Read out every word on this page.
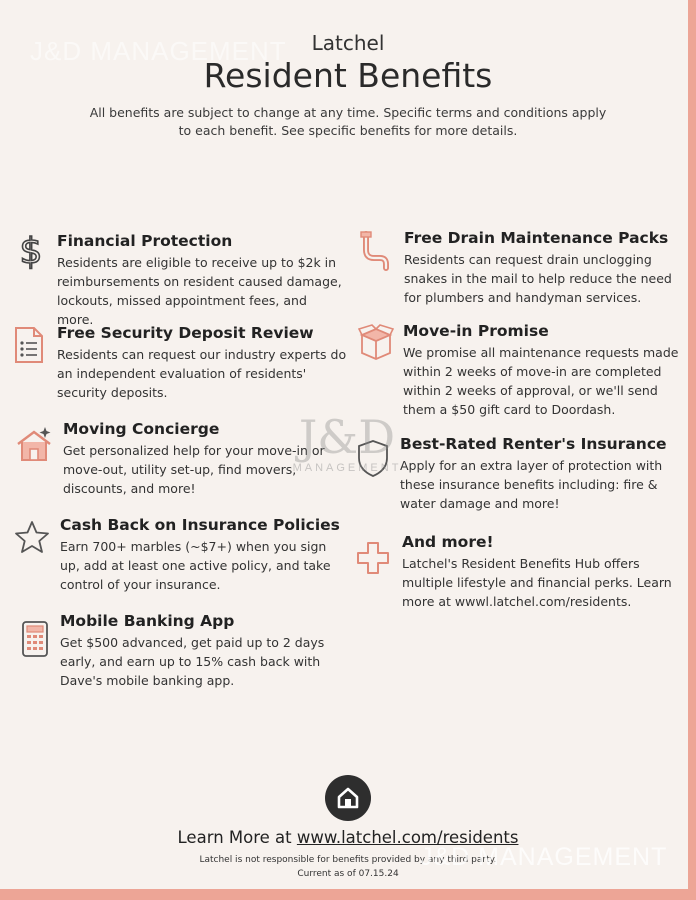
J&D MANAGEMENT	Latchel
Resident Benefits
All benefits are subject to change at any time. Specific terms and conditions apply to each benefit. See specific benefits for more details.
$ Financial Protection

Residents are eligible to receive up to $2k in reimbursements on resident caused damage, lockouts, missed appointment fees, and more.

Free Security Deposit Review

Residents can request our industry experts do an independent evaluation of residents' security deposits.

Moving Concierge

Get personalized help for your move-in or move-out, utility set-up, find movers, discounts, and more!

Cash Back on Insurance Policies

Earn 700+ marbles (~$7+) when you sign up, add at least one active policy, and take control of your insurance.

Mobile Banking App

Get $500 advanced, get paid up to 2 days early, and earn up to 15% cash back with Dave's mobile banking app.

Free Drain Maintenance Packs

Residents can request drain unclogging snakes in the mail to help reduce the need for plumbers and handyman services.

Move-in Promise

We promise all maintenance requests made within 2 weeks of move-in are completed within 2 weeks of approval, or we'll send them a $50 gift card to Doordash.

Best-Rated Renter's Insurance

Apply for an extra layer of protection with these insurance benefits including: fire & water damage and more!

And more!

Latchel's Resident Benefits Hub offers multiple lifestyle and financial perks. Learn more at wwwl.latchel.com/residents.

J&D
MANAGEMENT
Learn More at www.latchel.com/residents
Latchel is not responsible for benefits provided by any third party.
Current as of 07.15.24
J&D MANAGEMENT
